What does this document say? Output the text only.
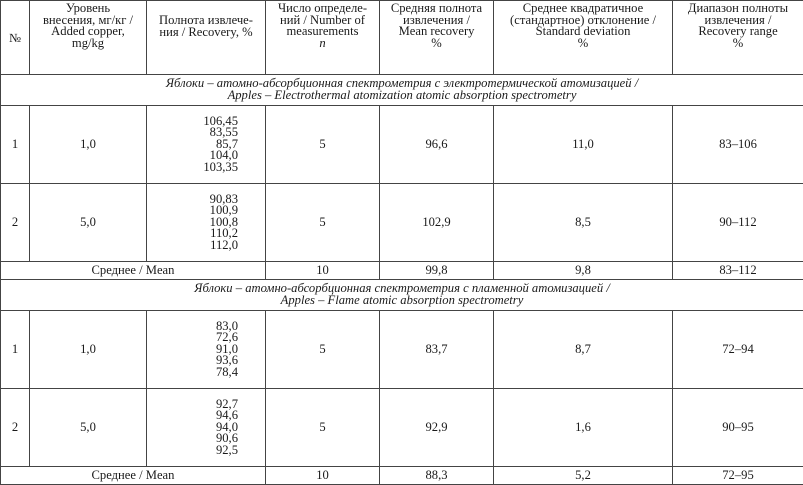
№	Уровень
внесения, мг/кг /
Added copper,
mg/kg	Полнота извлече-
ния / Recovery, %	Число определе-
ний / Number of
measurements
n	Средняя полнота
извлечения /
Mean recovery
%	Среднее квадратичное
(стандартное) отклонение /
Standard deviation
%	Диапазон полноты
извлечения /
Recovery range
%

Яблоки – атомно-абсорбционная спектрометрия с электротермической атомизацией /
Apples – Electrothermal atomization atomic absorption spectrometry						

1	1,0	106,45
83,55
85,7
104,0
103,35	5	96,6	11,0	83–106
2	5,0	90,83
100,9
100,8
110,2
112,0	5	102,9	8,5	90–112
Среднее / Mean			10	99,8	9,8	83–112

Яблоки – атомно-абсорбционная спектрометрия с пламенной атомизацией /
Apples – Flame atomic absorption spectrometry						

1	1,0	83,0
72,6
91,0
93,6
78,4	5	83,7	8,7	72–94
2	5,0	92,7
94,6
94,0
90,6
92,5	5	92,9	1,6	90–95
Среднее / Mean			10	88,3	5,2	72–95
